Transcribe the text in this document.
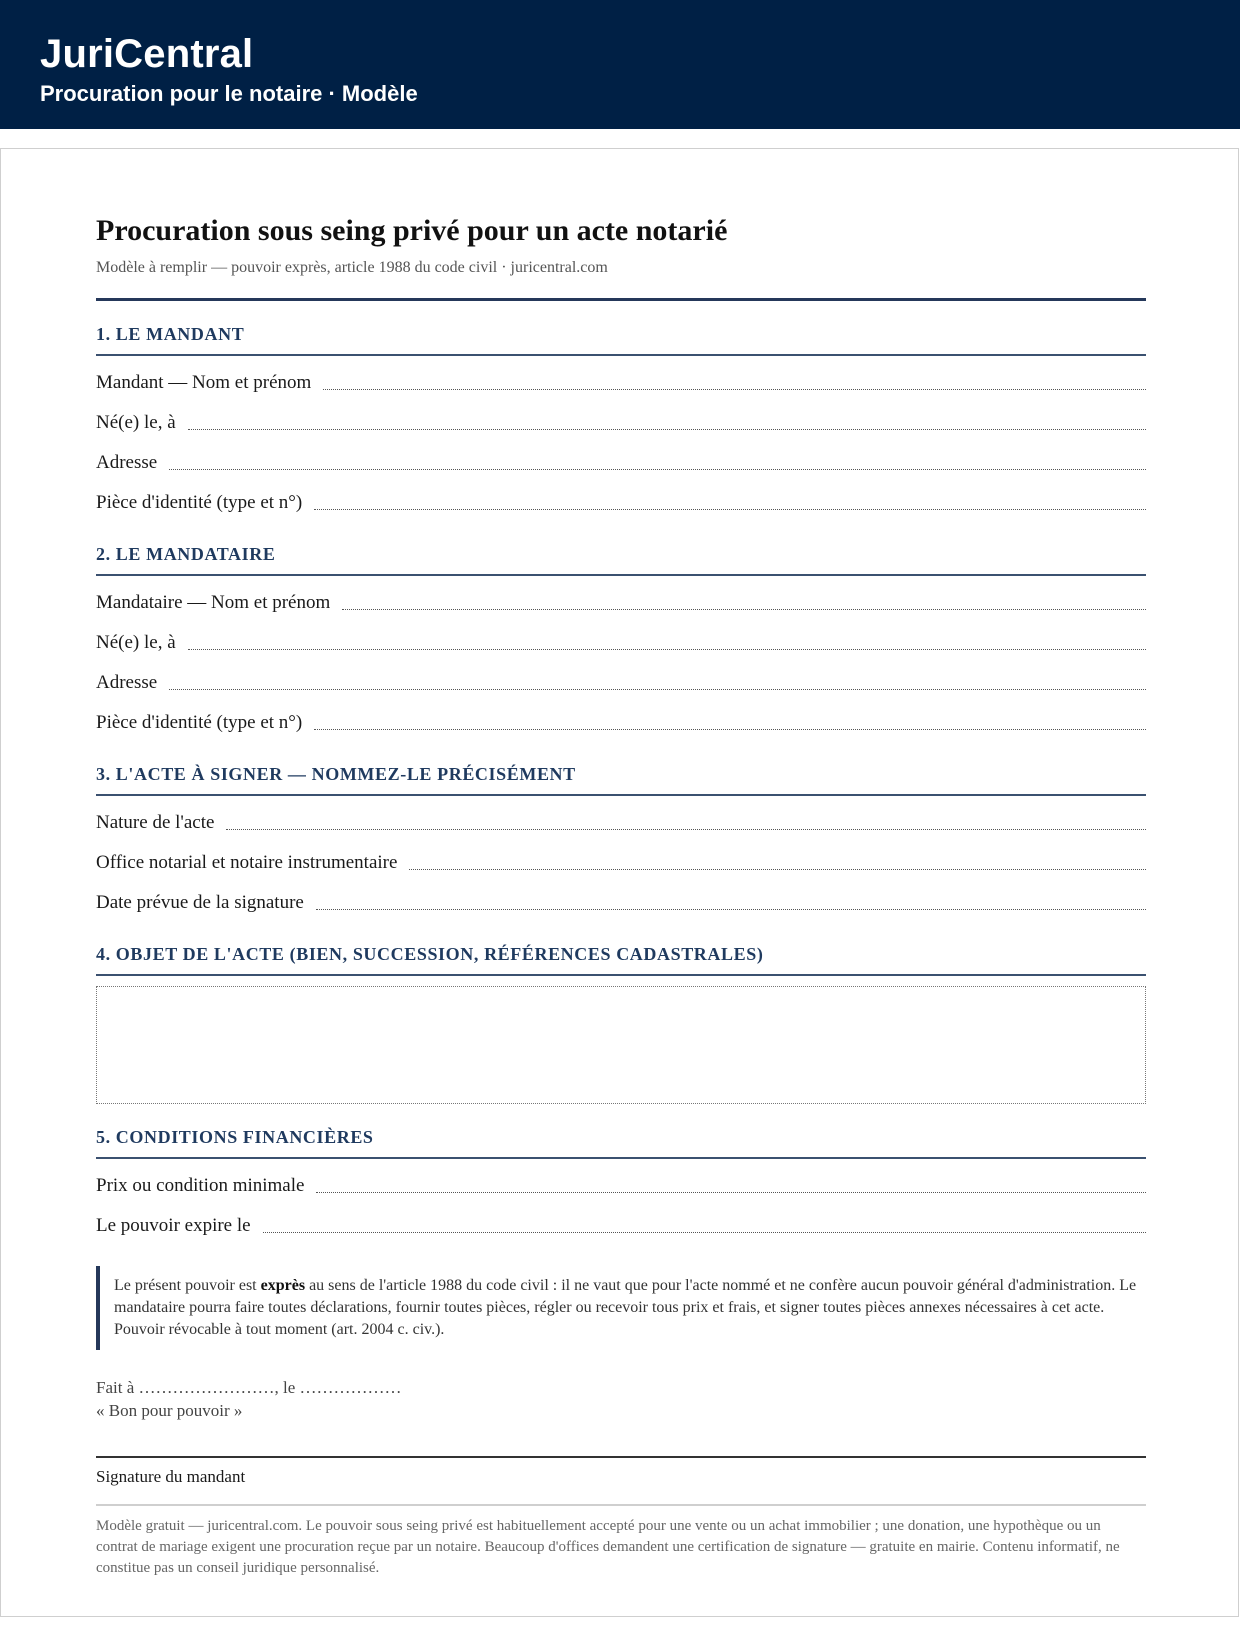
JuriCentral
Procuration pour le notaire · Modèle
Procuration sous seing privé pour un acte notarié
Modèle à remplir — pouvoir exprès, article 1988 du code civil · juricentral.com
1. LE MANDANT
Mandant — Nom et prénom
Né(e) le, à
Adresse
Pièce d'identité (type et n°)
2. LE MANDATAIRE
Mandataire — Nom et prénom
Né(e) le, à
Adresse
Pièce d'identité (type et n°)
3. L'ACTE À SIGNER — NOMMEZ-LE PRÉCISÉMENT
Nature de l'acte
Office notarial et notaire instrumentaire
Date prévue de la signature
4. OBJET DE L'ACTE (BIEN, SUCCESSION, RÉFÉRENCES CADASTRALES)
5. CONDITIONS FINANCIÈRES
Prix ou condition minimale
Le pouvoir expire le
Le présent pouvoir est exprès au sens de l'article 1988 du code civil : il ne vaut que pour l'acte nommé et ne confère aucun pouvoir général d'administration. Le mandataire pourra faire toutes déclarations, fournir toutes pièces, régler ou recevoir tous prix et frais, et signer toutes pièces annexes nécessaires à cet acte. Pouvoir révocable à tout moment (art. 2004 c. civ.).
Fait à ……………………, le ………………
« Bon pour pouvoir »
Signature du mandant
Modèle gratuit — juricentral.com. Le pouvoir sous seing privé est habituellement accepté pour une vente ou un achat immobilier ; une donation, une hypothèque ou un contrat de mariage exigent une procuration reçue par un notaire. Beaucoup d'offices demandent une certification de signature — gratuite en mairie. Contenu informatif, ne constitue pas un conseil juridique personnalisé.
